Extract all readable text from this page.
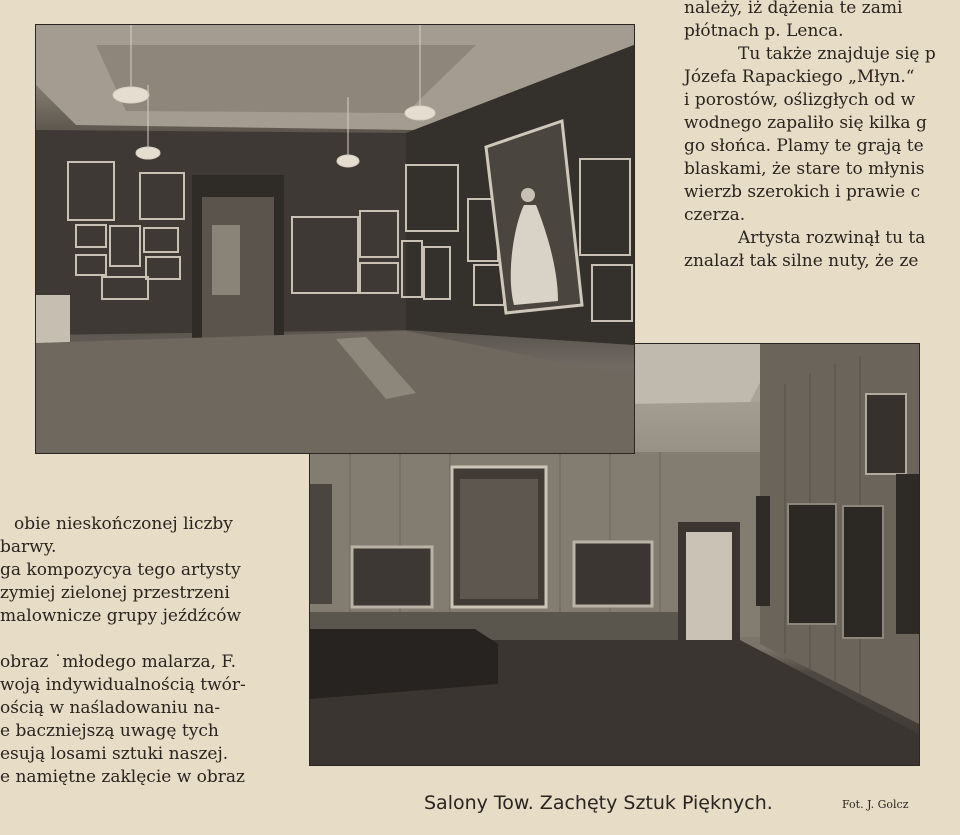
należy, iż dążenia te zami
płótnach p. Lenca.
Tu także znajduje się p
Józefa Rapackiego „Młyn.“
i porostów, oślizgłych od w
wodnego zapaliło się kilka g
go słońca. Plamy te grają te
blaskami, że stare to młynis
wierzb szerokich i prawie c
czerza.
Artysta rozwinął tu ta
znalazł tak silne nuty, że ze
obie nieskończonej liczby
barwy.
ga kompozycya tego artysty
zymiej zielonej przestrzeni
malownicze grupy jeźdźców
obraz ˙młodego malarza, F.
woją indywidualnością twór-
ością w naśladowaniu na-
e baczniejszą uwagę tych
esują losami sztuki naszej.
e namiętne zaklęcie w obraz
Salony Tow. Zachęty Sztuk Pięknych.	Fot. J. Golcz
